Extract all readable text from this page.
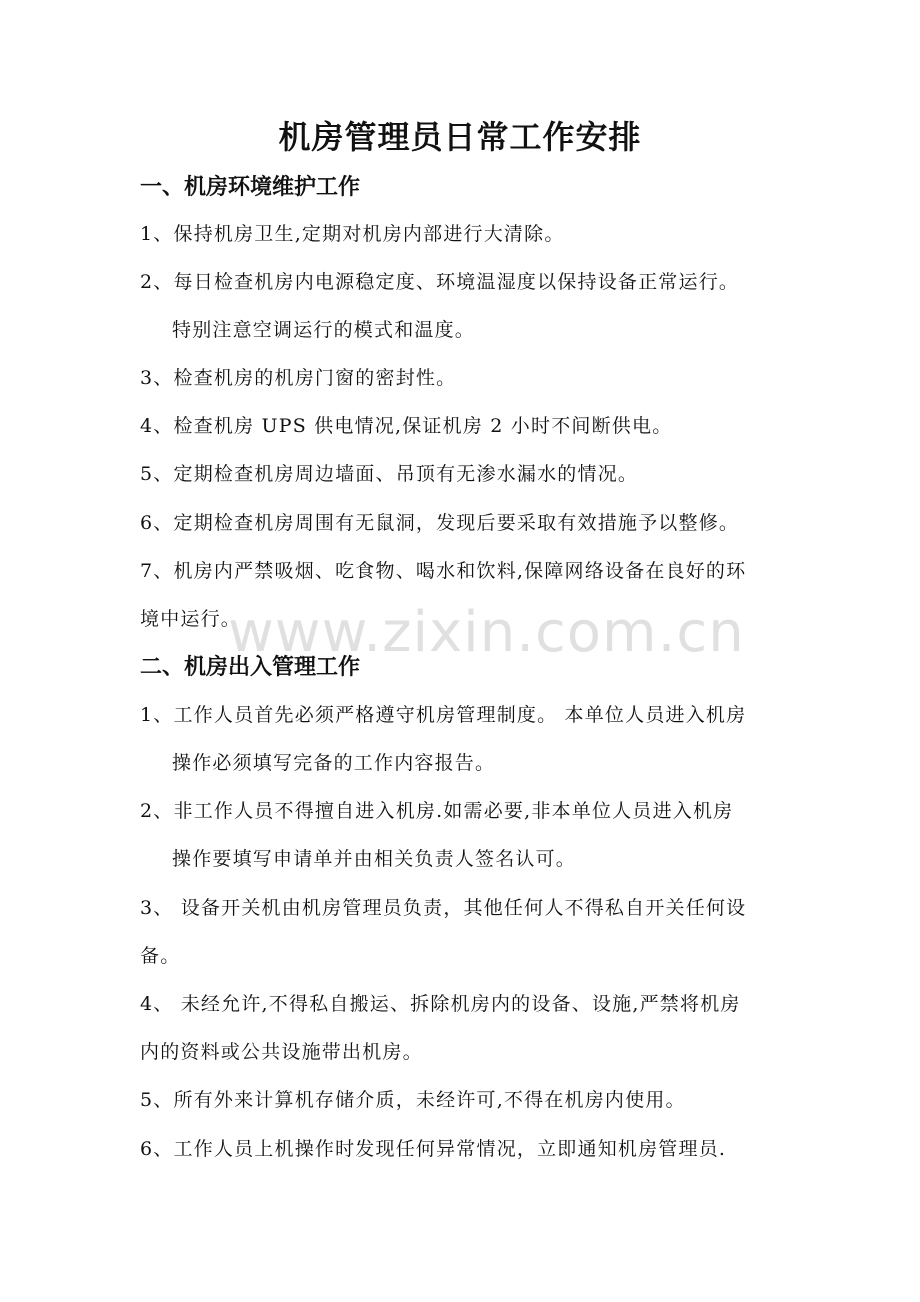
机房管理员日常工作安排
一、机房环境维护工作

1、保持机房卫生,定期对机房内部进行大清除。

2、每日检查机房内电源稳定度、环境温湿度以保持设备正常运行。

特别注意空调运行的模式和温度。

3、检查机房的机房门窗的密封性。

4、检查机房 UPS 供电情况,保证机房 2 小时不间断供电。

5、定期检查机房周边墙面、吊顶有无渗水漏水的情况。

6、定期检查机房周围有无鼠洞，发现后要采取有效措施予以整修。

7、机房内严禁吸烟、吃食物、喝水和饮料,保障网络设备在良好的环

境中运行。

二、机房出入管理工作

1、工作人员首先必须严格遵守机房管理制度。 本单位人员进入机房

操作必须填写完备的工作内容报告。

2、非工作人员不得擅自进入机房.如需必要,非本单位人员进入机房

操作要填写申请单并由相关负责人签名认可。

3、 设备开关机由机房管理员负责，其他任何人不得私自开关任何设

备。

4、 未经允许,不得私自搬运、拆除机房内的设备、设施,严禁将机房

内的资料或公共设施带出机房。

5、所有外来计算机存储介质，未经许可,不得在机房内使用。

6、工作人员上机操作时发现任何异常情况，立即通知机房管理员.

www.zixin.com.cn
